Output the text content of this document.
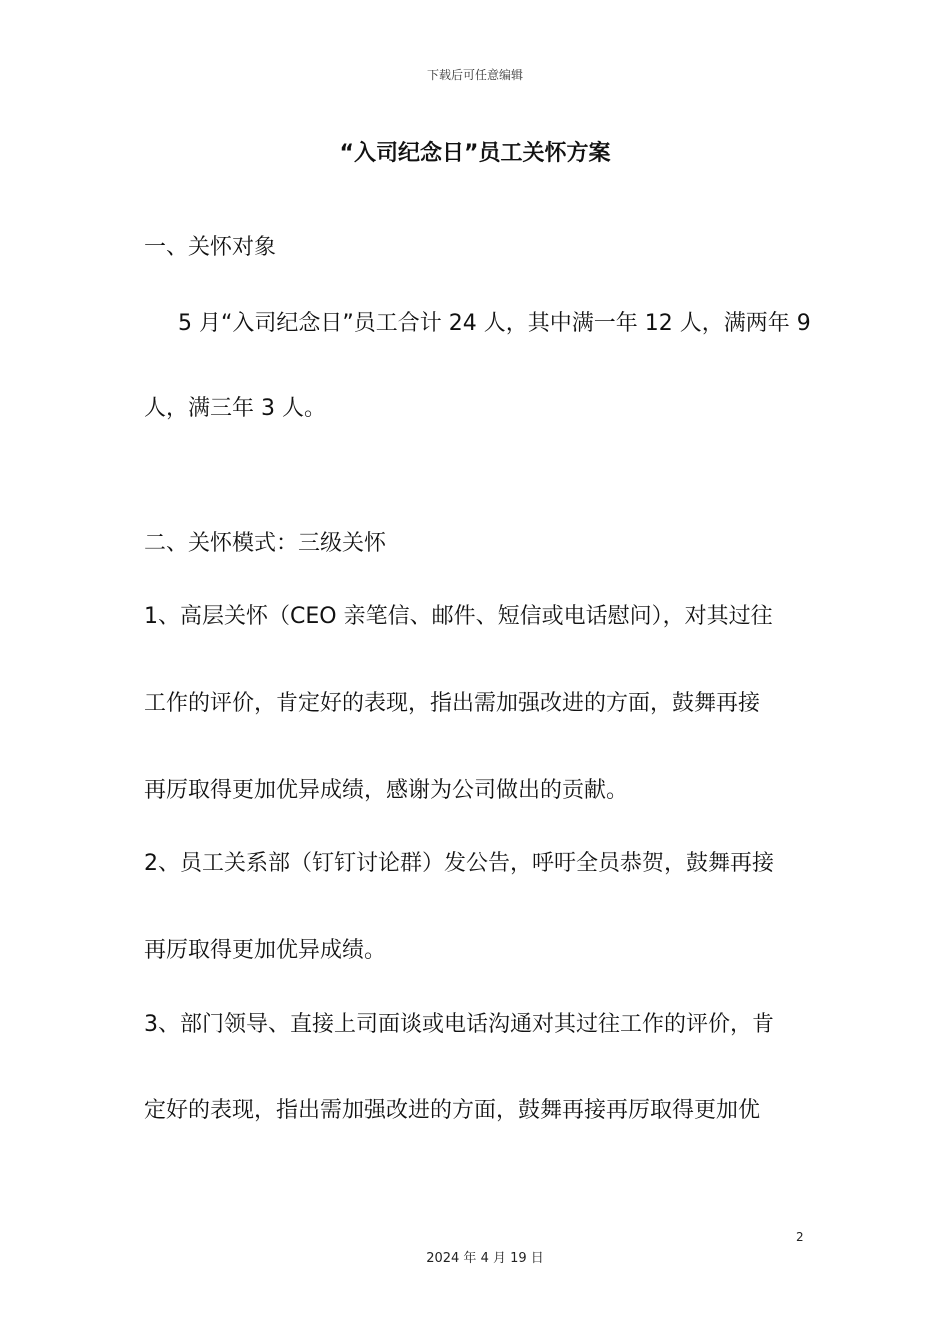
下载后可任意编辑
“入司纪念日”员工关怀方案
一、关怀对象
5 月“入司纪念日”员工合计 24 人，其中满一年 12 人，满两年 9
人，满三年 3 人。
二、关怀模式：三级关怀
1、高层关怀（CEO 亲笔信、邮件、短信或电话慰问），对其过往
工作的评价，肯定好的表现，指出需加强改进的方面，鼓舞再接
再厉取得更加优异成绩，感谢为公司做出的贡献。
2、员工关系部（钉钉讨论群）发公告，呼吁全员恭贺，鼓舞再接
再厉取得更加优异成绩。
3、部门领导、直接上司面谈或电话沟通对其过往工作的评价，肯
定好的表现，指出需加强改进的方面，鼓舞再接再厉取得更加优
2
2024 年 4 月 19 日
